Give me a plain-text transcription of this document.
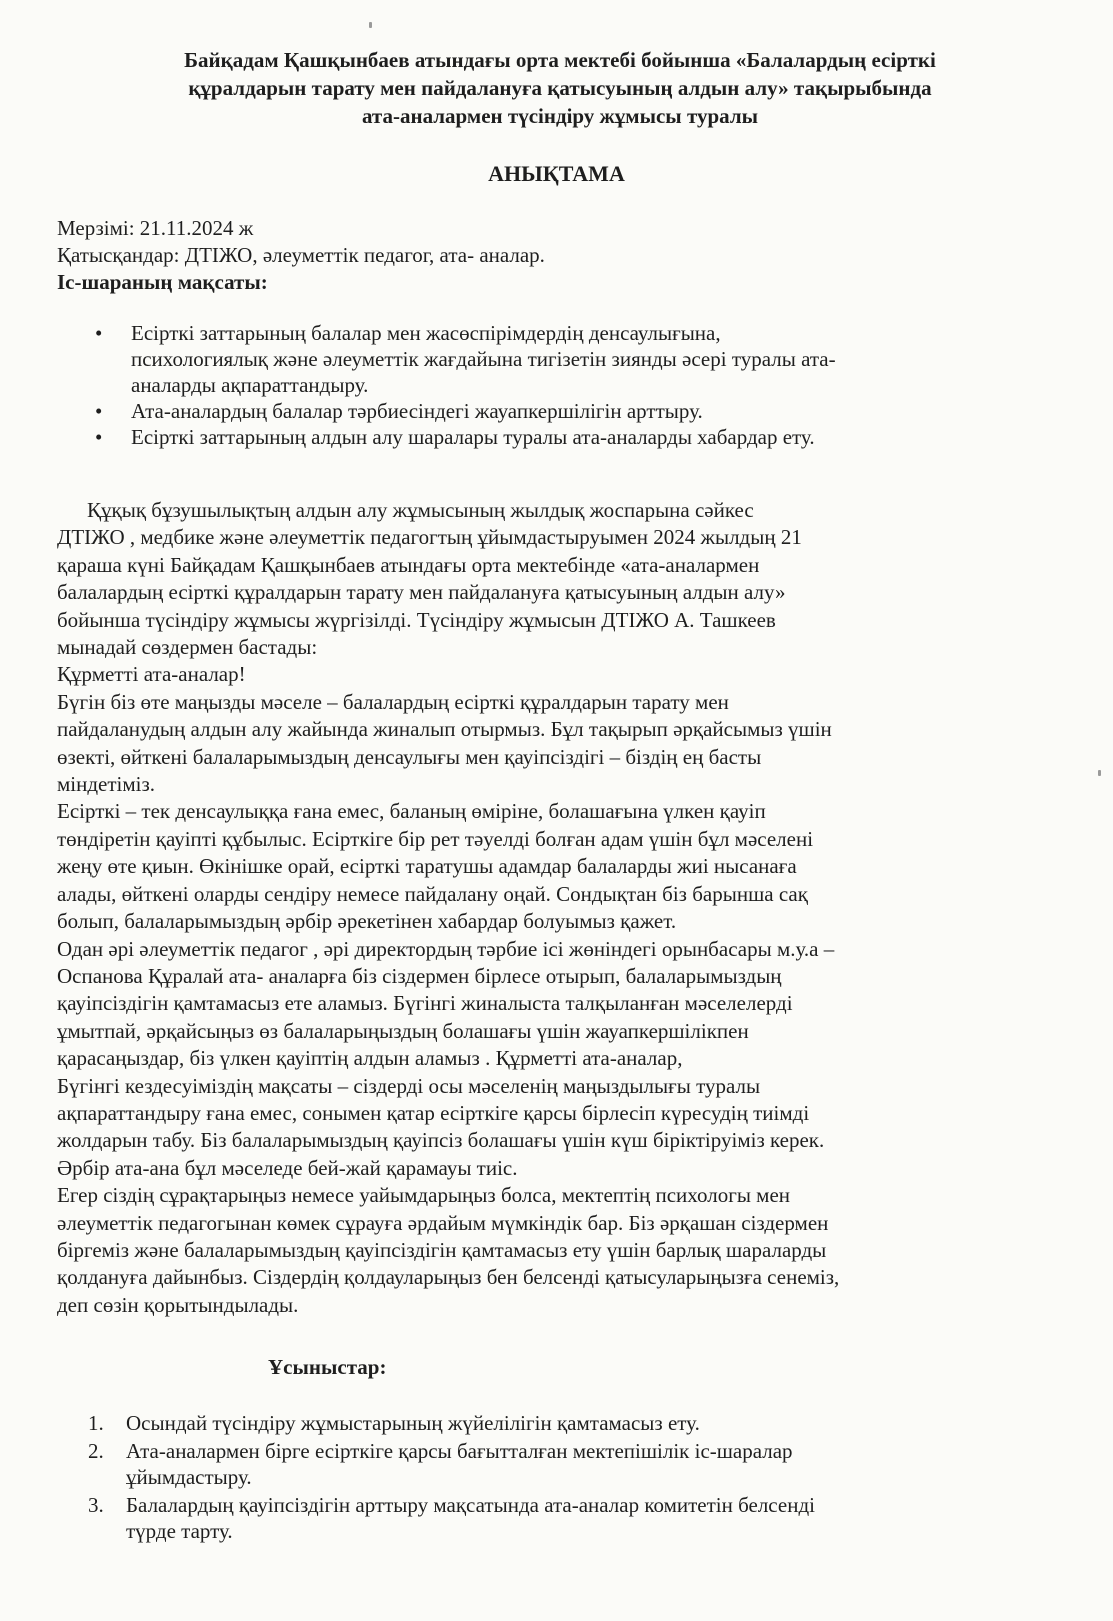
Байқадам Қашқынбаев атындағы орта мектебі бойынша «Балалардың есірткі
құралдарын тарату мен пайдалануға қатысуының алдын алу» тақырыбында
ата-аналармен түсіндіру жұмысы туралы
АНЫҚТАМА
Мерзімі: 21.11.2024 ж
Қатысқандар: ДТІЖО, әлеуметтік педагог, ата- аналар.
Іс-шараның мақсаты:
• Есірткі заттарының балалар мен жасөспірімдердің денсаулығына,
психологиялық және әлеуметтік жағдайына тигізетін зиянды әсері туралы ата-
аналарды ақпараттандыру.
• Ата-аналардың балалар тәрбиесіндегі жауапкершілігін арттыру.
• Есірткі заттарының алдын алу шаралары туралы ата-аналарды хабардар ету.
Құқық бұзушылықтың алдын алу жұмысының жылдық жоспарына сәйкес
ДТІЖО , медбике және әлеуметтік педагогтың ұйымдастыруымен 2024 жылдың 21
қараша күні Байқадам Қашқынбаев атындағы орта мектебінде «ата-аналармен
балалардың есірткі құралдарын тарату мен пайдалануға қатысуының алдын алу»
бойынша түсіндіру жұмысы жүргізілді. Түсіндіру жұмысын ДТІЖО А. Ташкеев
мынадай сөздермен бастады:
Құрметті ата-аналар!
Бүгін біз өте маңызды мәселе – балалардың есірткі құралдарын тарату мен
пайдаланудың алдын алу жайында жиналып отырмыз. Бұл тақырып әрқайсымыз үшін
өзекті, өйткені балаларымыздың денсаулығы мен қауіпсіздігі – біздің ең басты
міндетіміз.
Есірткі – тек денсаулыққа ғана емес, баланың өміріне, болашағына үлкен қауіп
төндіретін қауіпті құбылыс. Есірткіге бір рет тәуелді болған адам үшін бұл мәселені
жеңу өте қиын. Өкінішке орай, есірткі таратушы адамдар балаларды жиі нысанаға
алады, өйткені оларды сендіру немесе пайдалану оңай. Сондықтан біз барынша сақ
болып, балаларымыздың әрбір әрекетінен хабардар болуымыз қажет.
Одан әрі әлеуметтік педагог , әрі директордың тәрбие ісі жөніндегі орынбасары м.у.а –
Оспанова Құралай ата- аналарға біз сіздермен бірлесе отырып, балаларымыздың
қауіпсіздігін қамтамасыз ете аламыз. Бүгінгі жиналыста талқыланған мәселелерді
ұмытпай, әрқайсыңыз өз балаларыңыздың болашағы үшін жауапкершілікпен
қарасаңыздар, біз үлкен қауіптің алдын аламыз . Құрметті ата-аналар,
Бүгінгі кездесуіміздің мақсаты – сіздерді осы мәселенің маңыздылығы туралы
ақпараттандыру ғана емес, сонымен қатар есірткіге қарсы бірлесіп күресудің тиімді
жолдарын табу. Біз балаларымыздың қауіпсіз болашағы үшін күш біріктіруіміз керек.
Әрбір ата-ана бұл мәселеде бей-жай қарамауы тиіс.
Егер сіздің сұрақтарыңыз немесе уайымдарыңыз болса, мектептің психологы мен
әлеуметтік педагогынан көмек сұрауға әрдайым мүмкіндік бар. Біз әрқашан сіздермен
біргеміз және балаларымыздың қауіпсіздігін қамтамасыз ету үшін барлық шараларды
қолдануға дайынбыз. Сіздердің қолдауларыңыз бен белсенді қатысуларыңызға сенеміз,
деп сөзін қорытындылады.
Ұсыныстар:
1. Осындай түсіндіру жұмыстарының жүйелілігін қамтамасыз ету.
2. Ата-аналармен бірге есірткіге қарсы бағытталған мектепішілік іс-шаралар
ұйымдастыру.
3. Балалардың қауіпсіздігін арттыру мақсатында ата-аналар комитетін белсенді
түрде тарту.
